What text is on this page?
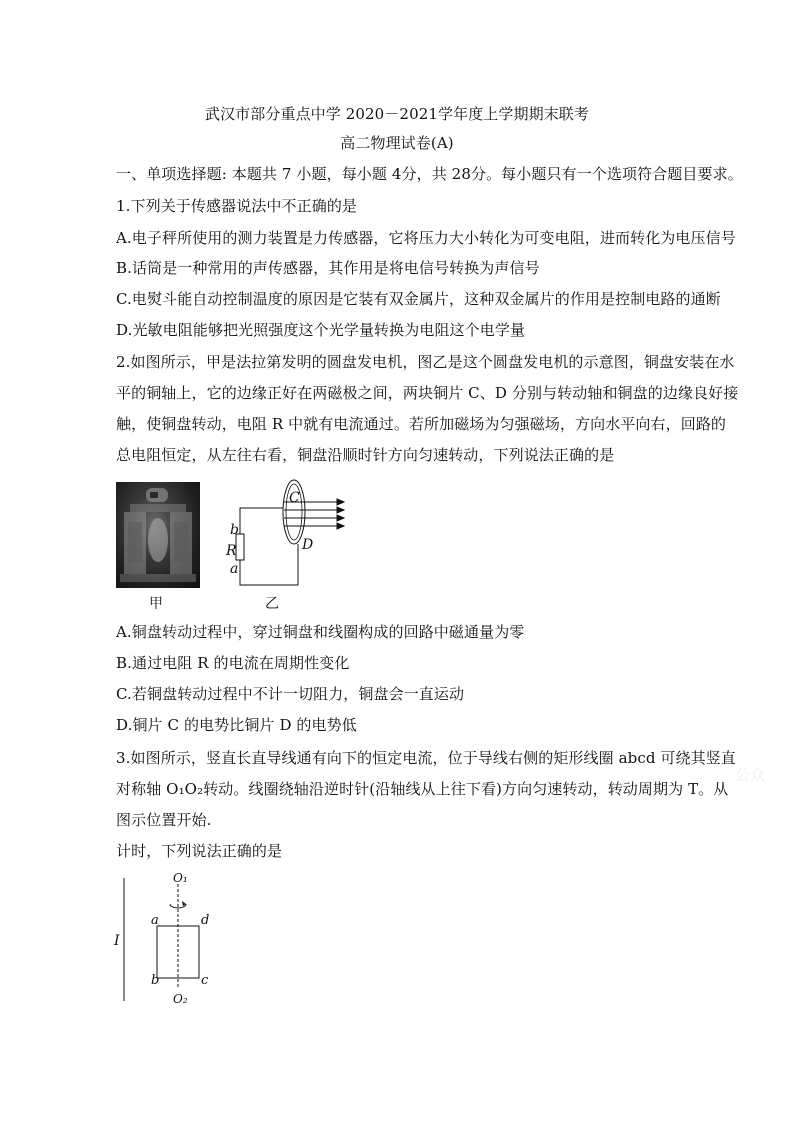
武汉市部分重点中学 2020－2021学年度上学期期末联考
高二物理试卷(A)
一、单项选择题: 本题共 7 小题，每小题 4分，共 28分。每小题只有一个选项符合题目要求。
1.下列关于传感器说法中不正确的是
A.电子秤所使用的测力装置是力传感器，它将压力大小转化为可变电阻，进而转化为电压信号
B.话筒是一种常用的声传感器，其作用是将电信号转换为声信号
C.电熨斗能自动控制温度的原因是它装有双金属片，这种双金属片的作用是控制电路的通断
D.光敏电阻能够把光照强度这个光学量转换为电阻这个电学量
2.如图所示，甲是法拉第发明的圆盘发电机，图乙是这个圆盘发电机的示意图，铜盘安装在水
平的铜轴上，它的边缘正好在两磁极之间，两块铜片 C、D 分别与转动轴和铜盘的边缘良好接
触，使铜盘转动，电阻 R 中就有电流通过。若所加磁场为匀强磁场，方向水平向右，回路的
总电阻恒定，从左往右看，铜盘沿顺时针方向匀速转动，下列说法正确的是
甲
C
D
b
R
a
乙
A.铜盘转动过程中，穿过铜盘和线圈构成的回路中磁通量为零
B.通过电阻 R 的电流在周期性变化
C.若铜盘转动过程中不计一切阻力，铜盘会一直运动
D.铜片 C 的电势比铜片 D 的电势低
3.如图所示，竖直长直导线通有向下的恒定电流，位于导线右侧的矩形线圈 abcd 可绕其竖直
对称轴 O₁O₂转动。线圈绕轴沿逆时针(沿轴线从上往下看)方向匀速转动，转动周期为 T。从
图示位置开始.
计时，下列说法正确的是
O₁
O₂
I
a	d
b	c
公众
